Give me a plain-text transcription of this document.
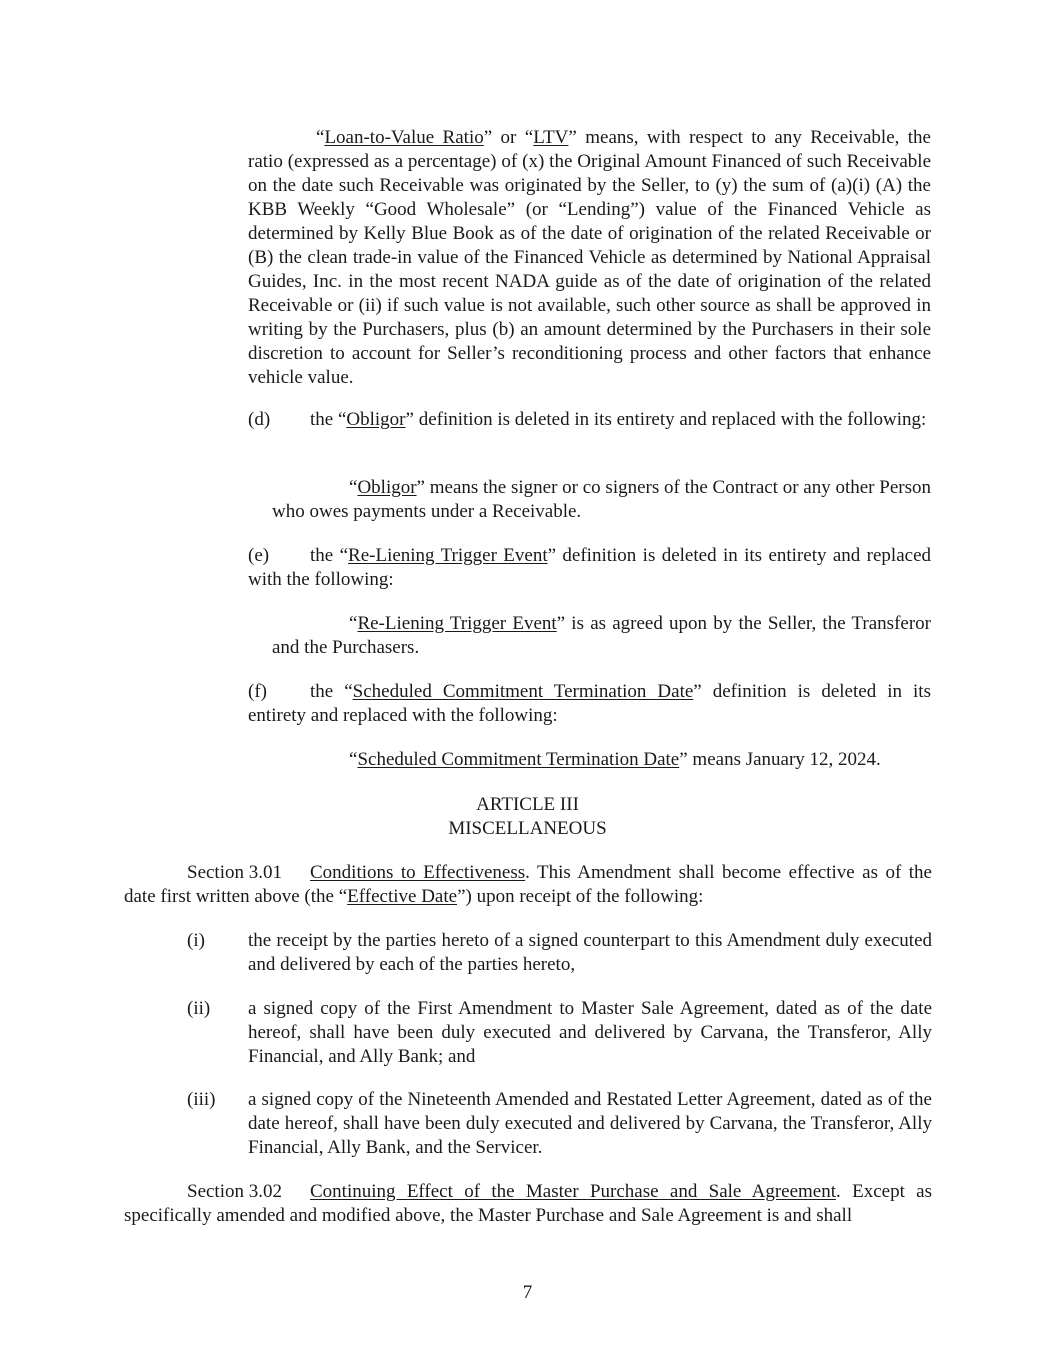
“Loan-to-Value Ratio” or “LTV” means, with respect to any Receivable, the ratio (expressed as a percentage) of (x) the Original Amount Financed of such Receivable on the date such Receivable was originated by the Seller, to (y) the sum of (a)(i) (A) the KBB Weekly “Good Wholesale” (or “Lending”) value of the Financed Vehicle as determined by Kelly Blue Book as of the date of origination of the related Receivable or (B) the clean trade-in value of the Financed Vehicle as determined by National Appraisal Guides, Inc. in the most recent NADA guide as of the date of origination of the related Receivable or (ii) if such value is not available, such other source as shall be approved in writing by the Purchasers, plus (b) an amount determined by the Purchasers in their sole discretion to account for Seller’s reconditioning process and other factors that enhance vehicle value.

(d) the “Obligor” definition is deleted in its entirety and replaced with the following:

“Obligor” means the signer or co signers of the Contract or any other Person who owes payments under a Receivable.

(e) the “Re-Liening Trigger Event” definition is deleted in its entirety and replaced with the following:

“Re-Liening Trigger Event” is as agreed upon by the Seller, the Transferor and the Purchasers.

(f) the “Scheduled Commitment Termination Date” definition is deleted in its entirety and replaced with the following:

“Scheduled Commitment Termination Date” means January 12, 2024.

ARTICLE III
MISCELLANEOUS

Section 3.01 Conditions to Effectiveness. This Amendment shall become effective as of the date first written above (the “Effective Date”) upon receipt of the following:

(i) the receipt by the parties hereto of a signed counterpart to this Amendment duly executed and delivered by each of the parties hereto,

(ii) a signed copy of the First Amendment to Master Sale Agreement, dated as of the date hereof, shall have been duly executed and delivered by Carvana, the Transferor, Ally Financial, and Ally Bank; and

(iii) a signed copy of the Nineteenth Amended and Restated Letter Agreement, dated as of the date hereof, shall have been duly executed and delivered by Carvana, the Transferor, Ally Financial, Ally Bank, and the Servicer.

Section 3.02 Continuing Effect of the Master Purchase and Sale Agreement. Except as specifically amended and modified above, the Master Purchase and Sale Agreement is and shall

7
